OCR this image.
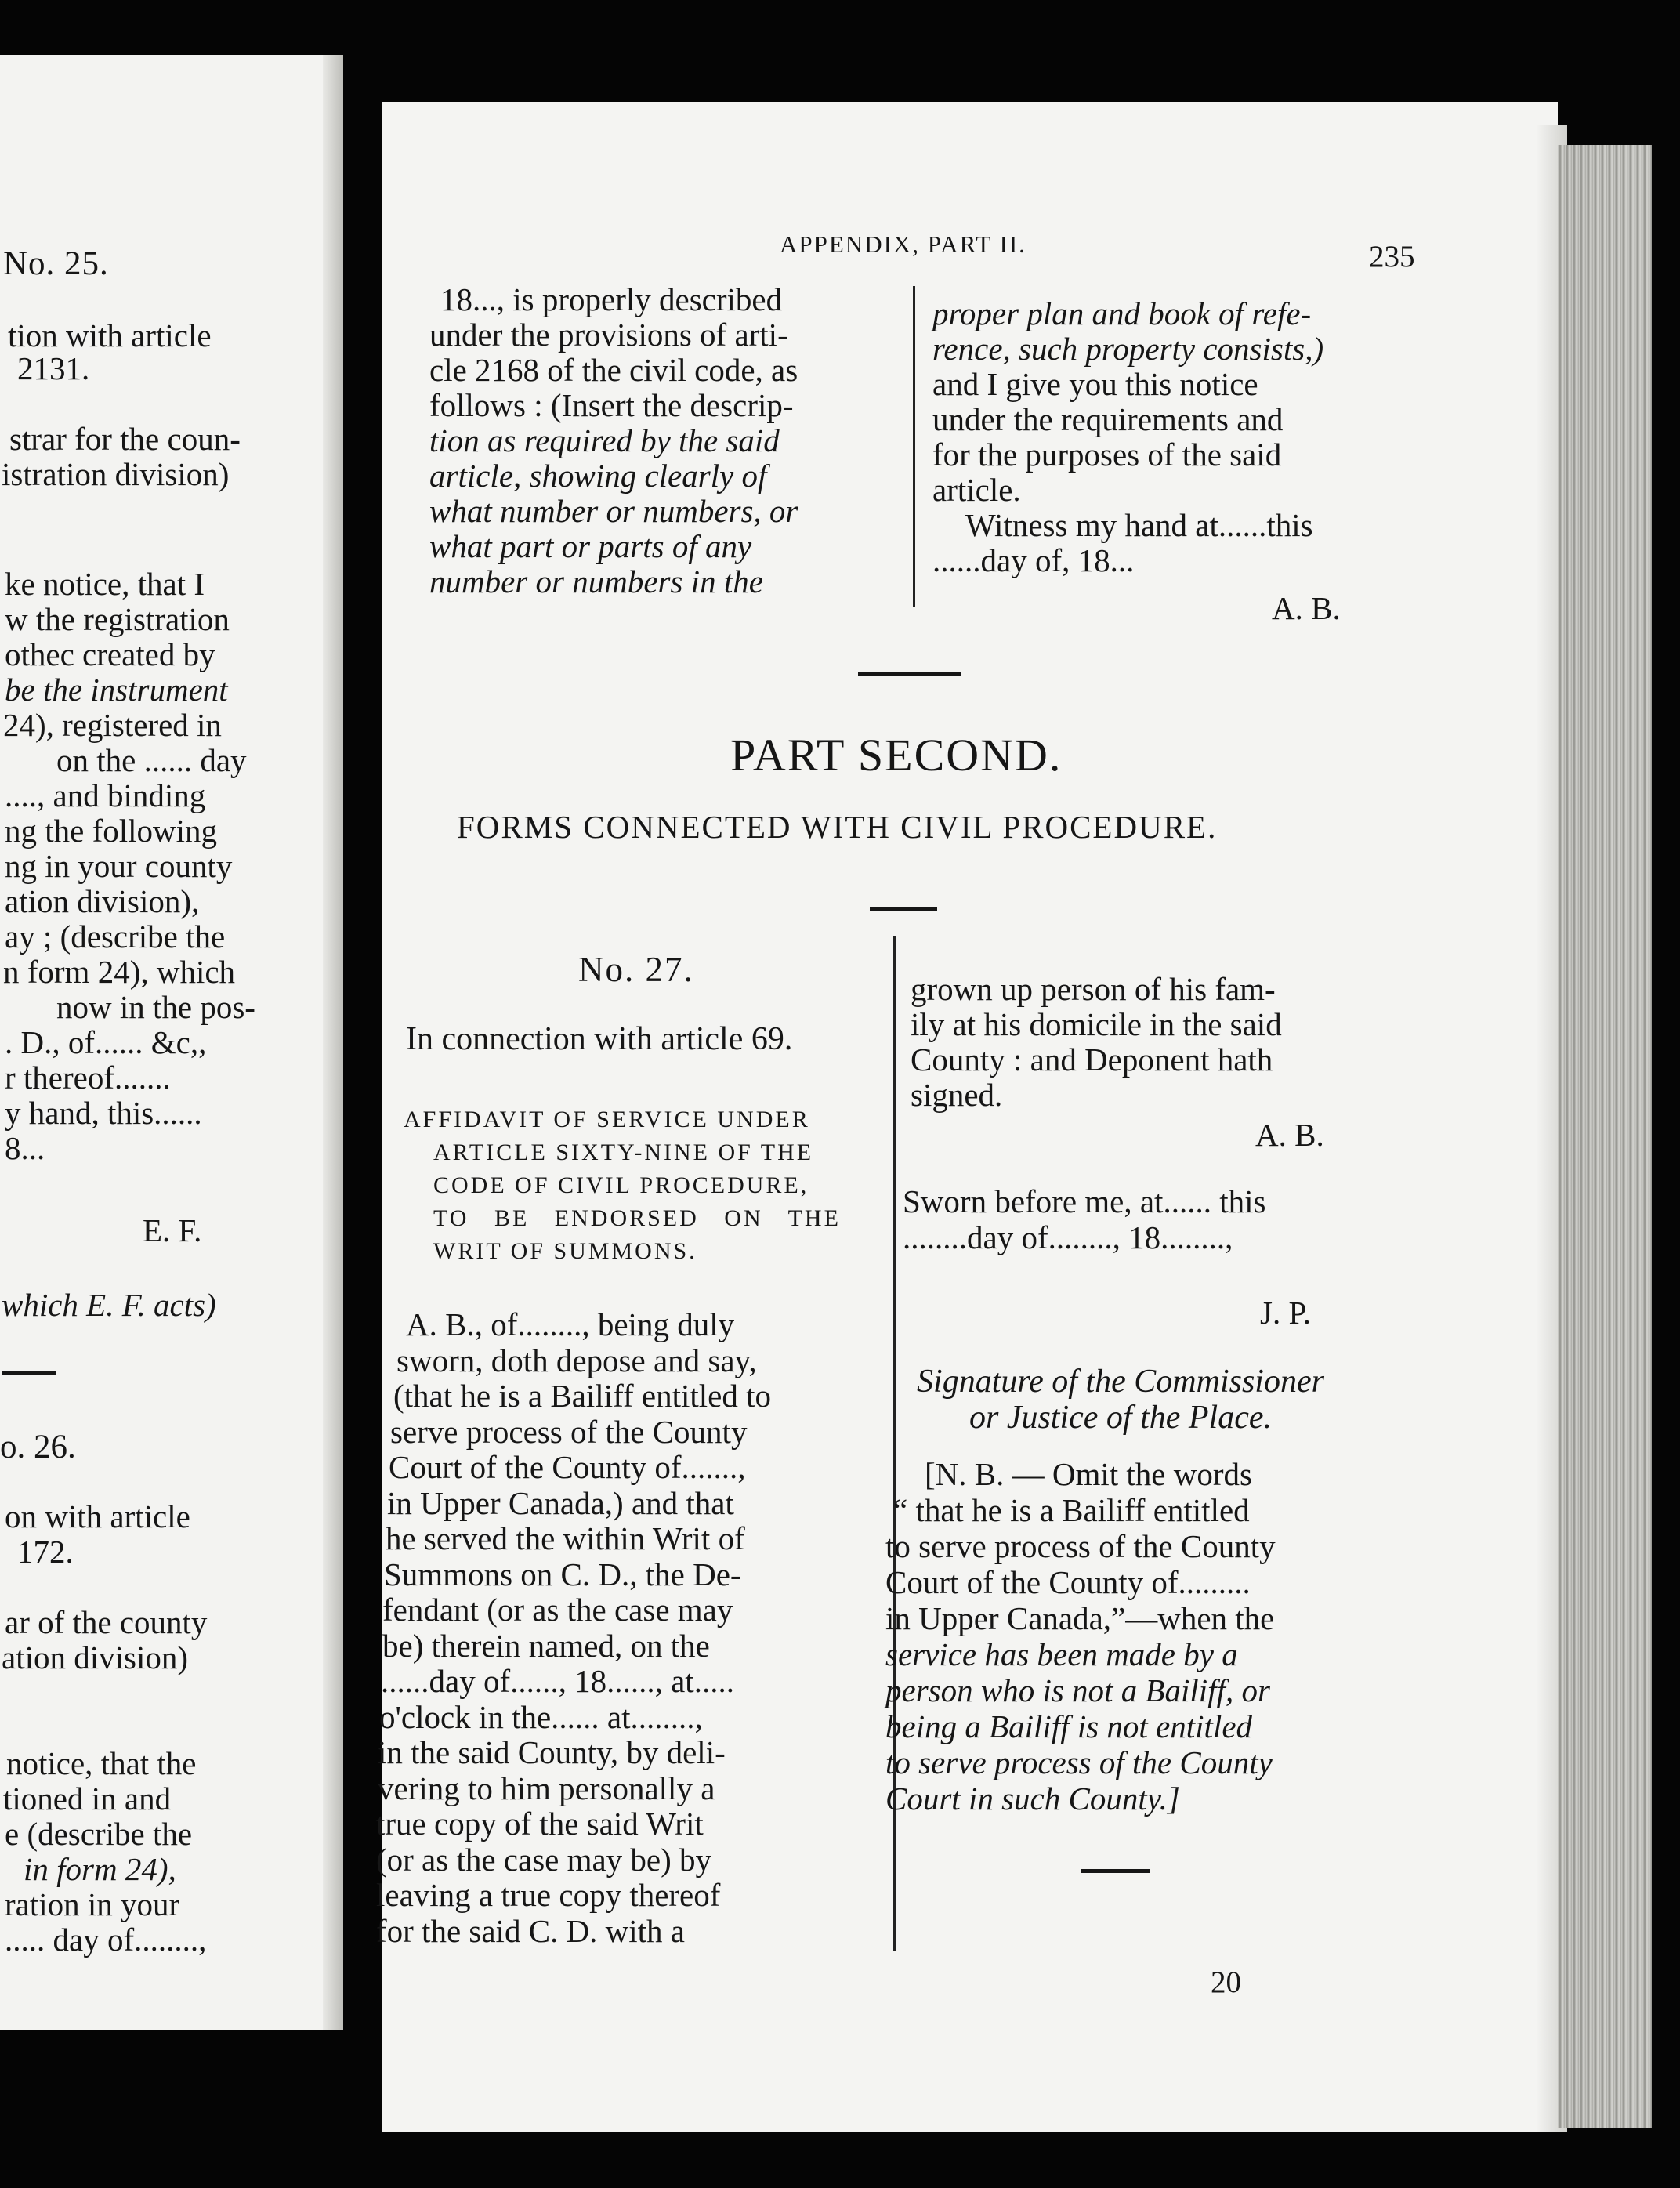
No. 25.
tion with article
2131.
strar for the coun-
istration division)
ke notice, that I
w the registration
othec created by
be the instrument
24), registered in
on the ...... day
...., and binding
ng the following
ng in your county
ation division),
ay ; (describe the
n form 24), which
now in the pos-
. D., of...... &c,,
r thereof.......
y hand, this......
8...
E. F.
which E. F. acts)
o. 26.
on with article
172.
ar of the county
ation division)
notice, that the
tioned in and
e (describe the
in form 24),
ration in your
..... day of........,
APPENDIX, PART II.	235
18..., is properly described
under the provisions of arti-
cle 2168 of the civil code, as
follows : (Insert the descrip-
tion as required by the said
article, showing clearly of
what number or numbers, or
what part or parts of any
number or numbers in the
proper plan and book of refe-
rence, such property consists,)
and I give you this notice
under the requirements and
for the purposes of the said
article.
Witness my hand at......this
......day of, 18...
A. B.
PART SECOND.
FORMS CONNECTED WITH CIVIL PROCEDURE.
No. 27.
In connection with article 69.
AFFIDAVIT OF SERVICE UNDER
ARTICLE SIXTY-NINE OF THE
CODE OF CIVIL PROCEDURE,
TO BE ENDORSED ON THE
WRIT OF SUMMONS.
A. B., of........, being duly
sworn, doth depose and say,
(that he is a Bailiff entitled to
serve process of the County
Court of the County of.......,
in Upper Canada,) and that
he served the within Writ of
Summons on C. D., the De-
fendant (or as the case may
be) therein named, on the
......day of......, 18......, at.....
o'clock in the...... at........,
in the said County, by deli-
vering to him personally a
true copy of the said Writ
(or as the case may be) by
leaving a true copy thereof
for the said C. D. with a
grown up person of his fam-
ily at his domicile in the said
County : and Deponent hath
signed.
A. B.
Sworn before me, at...... this
........day of........, 18........,
J. P.
Signature of the Commissioner
or Justice of the Place.
[N. B. — Omit the words
“ that he is a Bailiff entitled
to serve process of the County
Court of the County of.........
in Upper Canada,”—when the
service has been made by a
person who is not a Bailiff, or
being a Bailiff is not entitled
to serve process of the County
Court in such County.]
20
